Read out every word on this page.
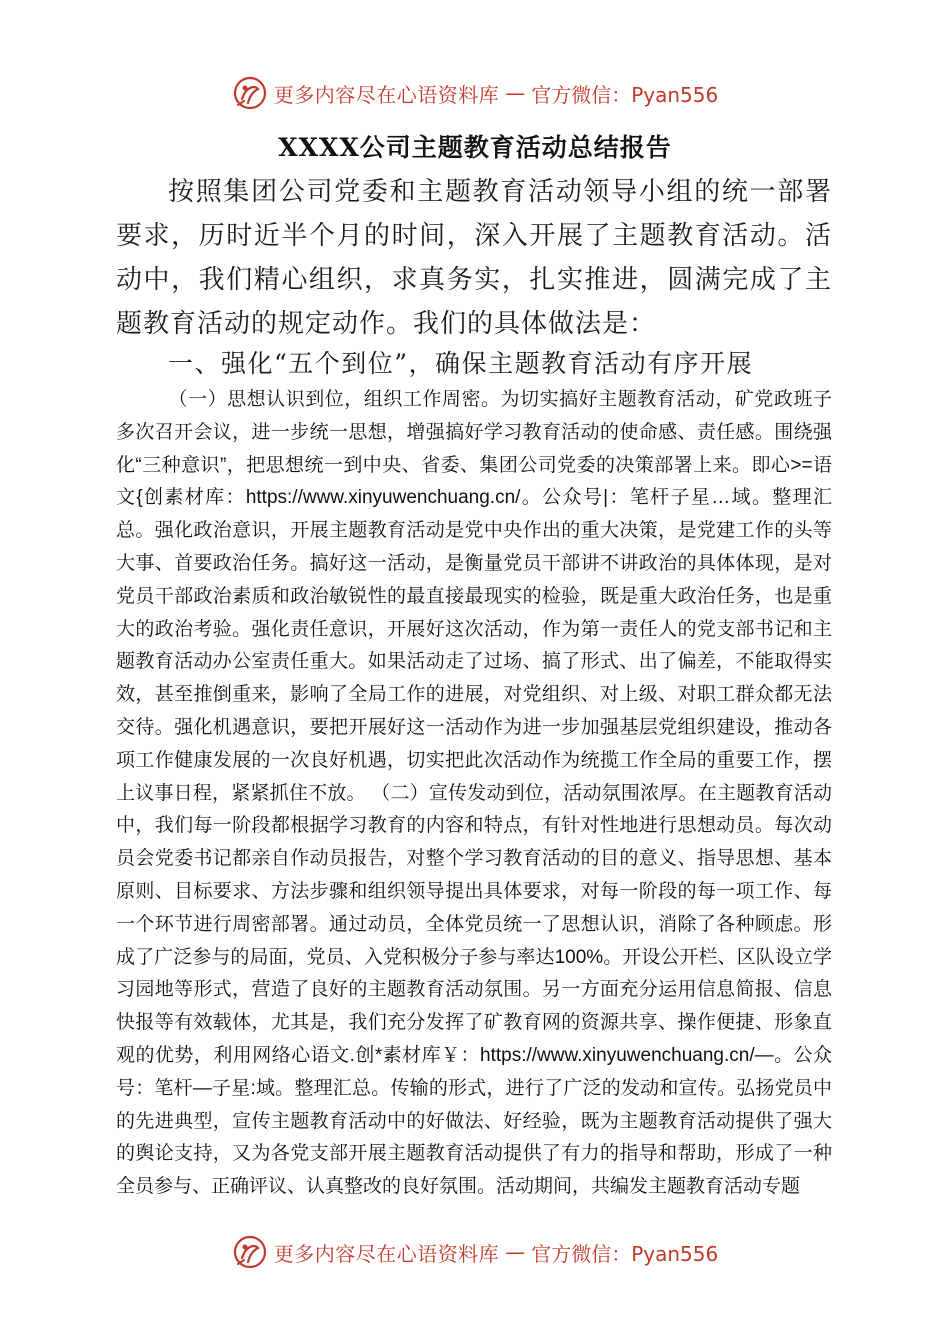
更多内容尽在心语资料库 — 官方微信：Pyan556
XXXX公司主题教育活动总结报告

按照集团公司党委和主题教育活动领导小组的统一部署要求，历时近半个月的时间，深入开展了主题教育活动。活动中，我们精心组织，求真务实，扎实推进，圆满完成了主题教育活动的规定动作。我们的具体做法是：

一、强化“五个到位”，确保主题教育活动有序开展

（一）思想认识到位，组织工作周密。为切实搞好主题教育活动，矿党政班子多次召开会议，进一步统一思想，增强搞好学习教育活动的使命感、责任感。围绕强化“三种意识”，把思想统一到中央、省委、集团公司党委的决策部署上来。即心>=语文{创素材库：https://www.xinyuwenchuang.cn/。公众号|：笔杆子星…域。整理汇总。强化政治意识，开展主题教育活动是党中央作出的重大决策，是党建工作的头等大事、首要政治任务。搞好这一活动，是衡量党员干部讲不讲政治的具体体现，是对党员干部政治素质和政治敏锐性的最直接最现实的检验，既是重大政治任务，也是重大的政治考验。强化责任意识，开展好这次活动，作为第一责任人的党支部书记和主题教育活动办公室责任重大。如果活动走了过场、搞了形式、出了偏差，不能取得实效，甚至推倒重来，影响了全局工作的进展，对党组织、对上级、对职工群众都无法交待。强化机遇意识，要把开展好这一活动作为进一步加强基层党组织建设，推动各项工作健康发展的一次良好机遇，切实把此次活动作为统揽工作全局的重要工作，摆上议事日程，紧紧抓住不放。 （二）宣传发动到位，活动氛围浓厚。在主题教育活动中，我们每一阶段都根据学习教育的内容和特点，有针对性地进行思想动员。每次动员会党委书记都亲自作动员报告，对整个学习教育活动的目的意义、指导思想、基本原则、目标要求、方法步骤和组织领导提出具体要求，对每一阶段的每一项工作、每一个环节进行周密部署。通过动员，全体党员统一了思想认识，消除了各种顾虑。形成了广泛参与的局面，党员、入党积极分子参与率达100%。开设公开栏、区队设立学习园地等形式，营造了良好的主题教育活动氛围。另一方面充分运用信息简报、信息快报等有效载体，尤其是，我们充分发挥了矿教育网的资源共享、操作便捷、形象直观的优势，利用网络心语文.创*素材库￥：https://www.xinyuwenchuang.cn/—。公众号：笔杆—子星:域。整理汇总。传输的形式，进行了广泛的发动和宣传。弘扬党员中的先进典型，宣传主题教育活动中的好做法、好经验，既为主题教育活动提供了强大的舆论支持，又为各党支部开展主题教育活动提供了有力的指导和帮助，形成了一种全员参与、正确评议、认真整改的良好氛围。活动期间，共编发主题教育活动专题

更多内容尽在心语资料库 — 官方微信：Pyan556
